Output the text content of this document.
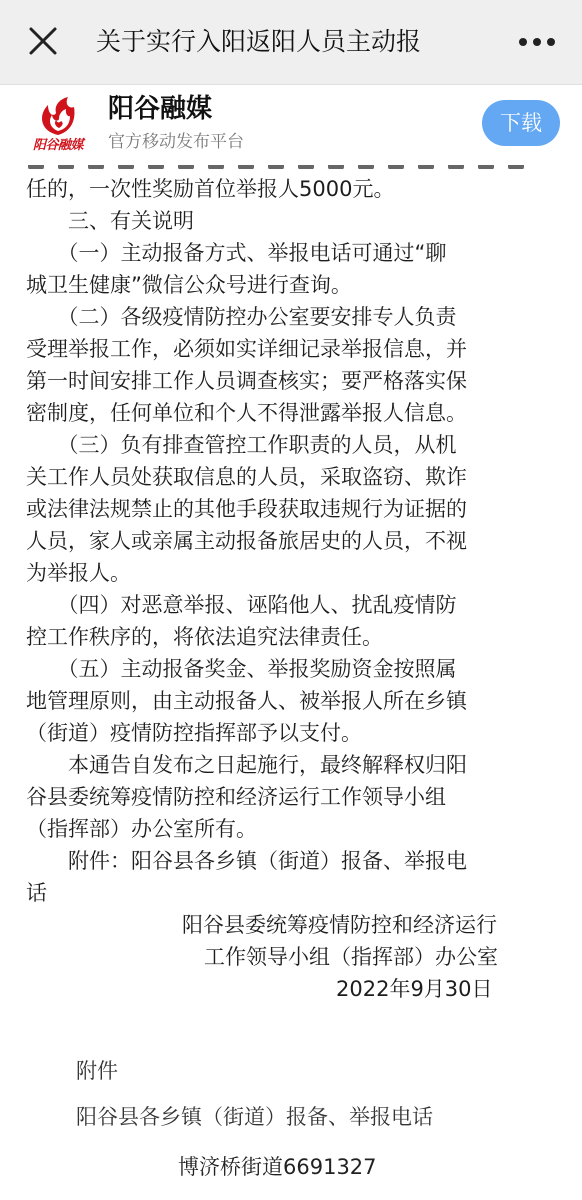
关于实行入阳返阳人员主动报
阳谷融媒
阳谷融媒
官方移动发布平台
下载
任的，一次性奖励首位举报人5000元。
　　三、有关说明
　　（一）主动报备方式、举报电话可通过“聊
城卫生健康”微信公众号进行查询。
　　（二）各级疫情防控办公室要安排专人负责
受理举报工作，必须如实详细记录举报信息，并
第一时间安排工作人员调查核实；要严格落实保
密制度，任何单位和个人不得泄露举报人信息。
　　（三）负有排查管控工作职责的人员，从机
关工作人员处获取信息的人员，采取盗窃、欺诈
或法律法规禁止的其他手段获取违规行为证据的
人员，家人或亲属主动报备旅居史的人员，不视
为举报人。
　　（四）对恶意举报、诬陷他人、扰乱疫情防
控工作秩序的，将依法追究法律责任。
　　（五）主动报备奖金、举报奖励资金按照属
地管理原则，由主动报备人、被举报人所在乡镇
（街道）疫情防控指挥部予以支付。
　　本通告自发布之日起施行，最终解释权归阳
谷县委统筹疫情防控和经济运行工作领导小组
（指挥部）办公室所有。
　　附件：阳谷县各乡镇（街道）报备、举报电
话
阳谷县委统筹疫情防控和经济运行
工作领导小组（指挥部）办公室
2022年9月30日
附件
阳谷县各乡镇（街道）报备、举报电话
博济桥街道6691327
